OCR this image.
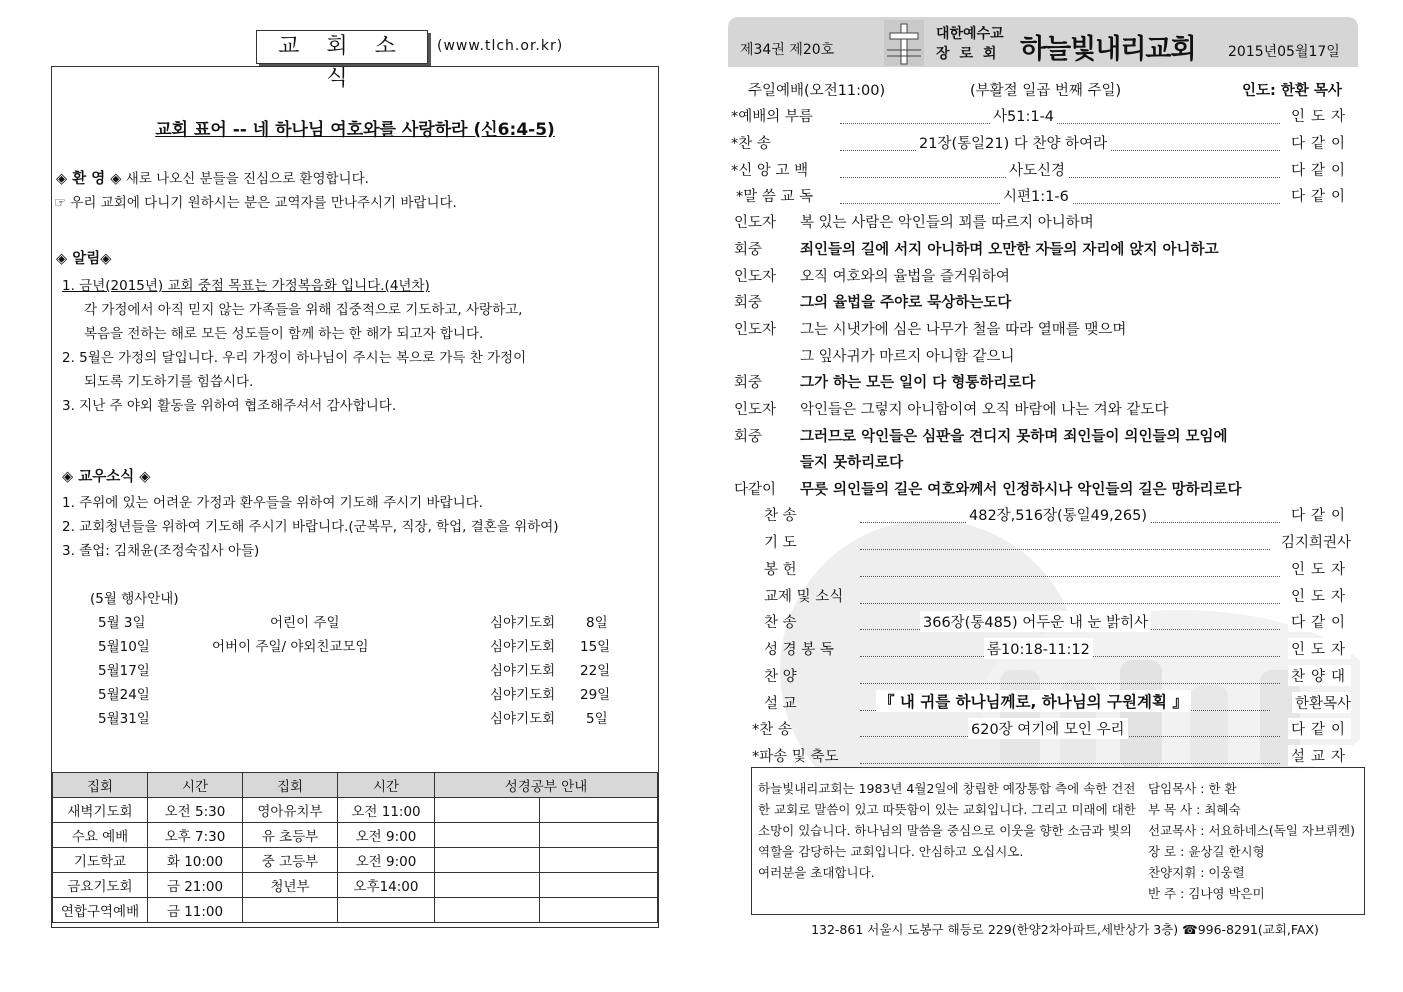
교 회 소 식
(www.tlch.or.kr)
교회 표어 -- 네 하나님 여호와를 사랑하라 (신6:4-5)
◈ 환 영 ◈ 새로 나오신 분들을 진심으로 환영합니다.
☞ 우리 교회에 다니기 원하시는 분은 교역자를 만나주시기 바랍니다.
◈ 알림◈
1. 금년(2015년) 교회 중점 목표는 가정복음화 입니다.(4년차)
각 가정에서 아직 믿지 않는 가족들을 위해 집중적으로 기도하고, 사랑하고,
복음을 전하는 해로 모든 성도들이 함께 하는 한 해가 되고자 합니다.
2. 5월은 가정의 달입니다. 우리 가정이 하나님이 주시는 복으로 가득 찬 가정이
되도록 기도하기를 힘씁시다.
3. 지난 주 야외 활동을 위하여 협조해주셔서 감사합니다.
◈ 교우소식 ◈
1. 주위에 있는 어려운 가정과 환우들을 위하여 기도해 주시기 바랍니다.
2. 교회청년들을 위하여 기도해 주시기 바랍니다.(군복무, 직장, 학업, 결혼을 위하여)
3. 졸업: 김채윤(조정숙집사 아들)
(5월 행사안내)
5월 3일	어린이 주일	심야기도회 8일
5월10일	어버이 주일/ 야외친교모임	심야기도회 15일
5월17일	심야기도회 22일
5월24일	심야기도회 29일
5월31일	심야기도회 5일
집회	시간	집회	시간	성경공부 안내	
새벽기도회	오전 5:30	영아유치부	오전 11:00		
수요 예배	오후 7:30	유 초등부	오전 9:00		
기도학교	화 10:00	중 고등부	오전 9:00		
금요기도회	금 21:00	청년부	오후14:00		
연합구역예배	금 11:00				
제34권 제20호
대한예수교
장로회 하늘빛내리교회 2015년05월17일
주일예배(오전11:00)	(부활절 일곱 번째 주일)	인도: 한환 목사
*예배의 부름	사51:1-4	인도자
*찬 송	21장(통일21) 다 찬양 하여라	다같이
*신 앙 고 백	사도신경	다같이
*말 씀 교 독	시편1:1-6	다같이
인도자 복 있는 사람은 악인들의 꾀를 따르지 아니하며
회중	죄인들의 길에 서지 아니하며 오만한 자들의 자리에 앉지 아니하고
인도자 오직 여호와의 율법을 즐거워하여
회중	그의 율법을 주야로 묵상하는도다
인도자 그는 시냇가에 심은 나무가 철을 따라 열매를 맺으며
그 잎사귀가 마르지 아니함 같으니
회중	그가 하는 모든 일이 다 형통하리로다
인도자 악인들은 그렇지 아니함이여 오직 바람에 나는 겨와 같도다
회중	그러므로 악인들은 심판을 견디지 못하며 죄인들이 의인들의 모임에
들지 못하리로다
다같이 무릇 의인들의 길은 여호와께서 인정하시나 악인들의 길은 망하리로다
찬 송	482장,516장(통일49,265)	다같이
기 도	김지희권사
봉 헌	인도자
교제 및 소식	인도자
찬 송	366장(통485) 어두운 내 눈 밝히사	다같이
성 경 봉 독	롬10:18-11:12	인도자
찬 양	찬양대
설 교	『 내 귀를 하나님께로, 하나님의 구원계획 』	한환목사
*찬 송	620장 여기에 모인 우리	다같이
*파송 및 축도	설교자
하늘빛내리교회는 1983년 4월2일에 창립한 예장통합 측에 속한 건전한 교회로 말씀이 있고 따뜻함이 있는 교회입니다. 그리고 미래에 대한 소망이 있습니다. 하나님의 말씀을 중심으로 이웃을 향한 소금과 빛의 역할을 감당하는 교회입니다. 안심하고 오십시오.
여러분을 초대합니다.
담임목사 : 한 환
부 목 사 : 최혜숙
선교목사 : 서요하네스(독일 자브뤼켄)
장 로 : 윤상길 한시형
찬양지휘 : 이웅렬
반 주 : 김나영 박은미
132-861 서울시 도봉구 해등로 229(한양2차아파트,세반상가 3층) ☎996-8291(교회,FAX)
